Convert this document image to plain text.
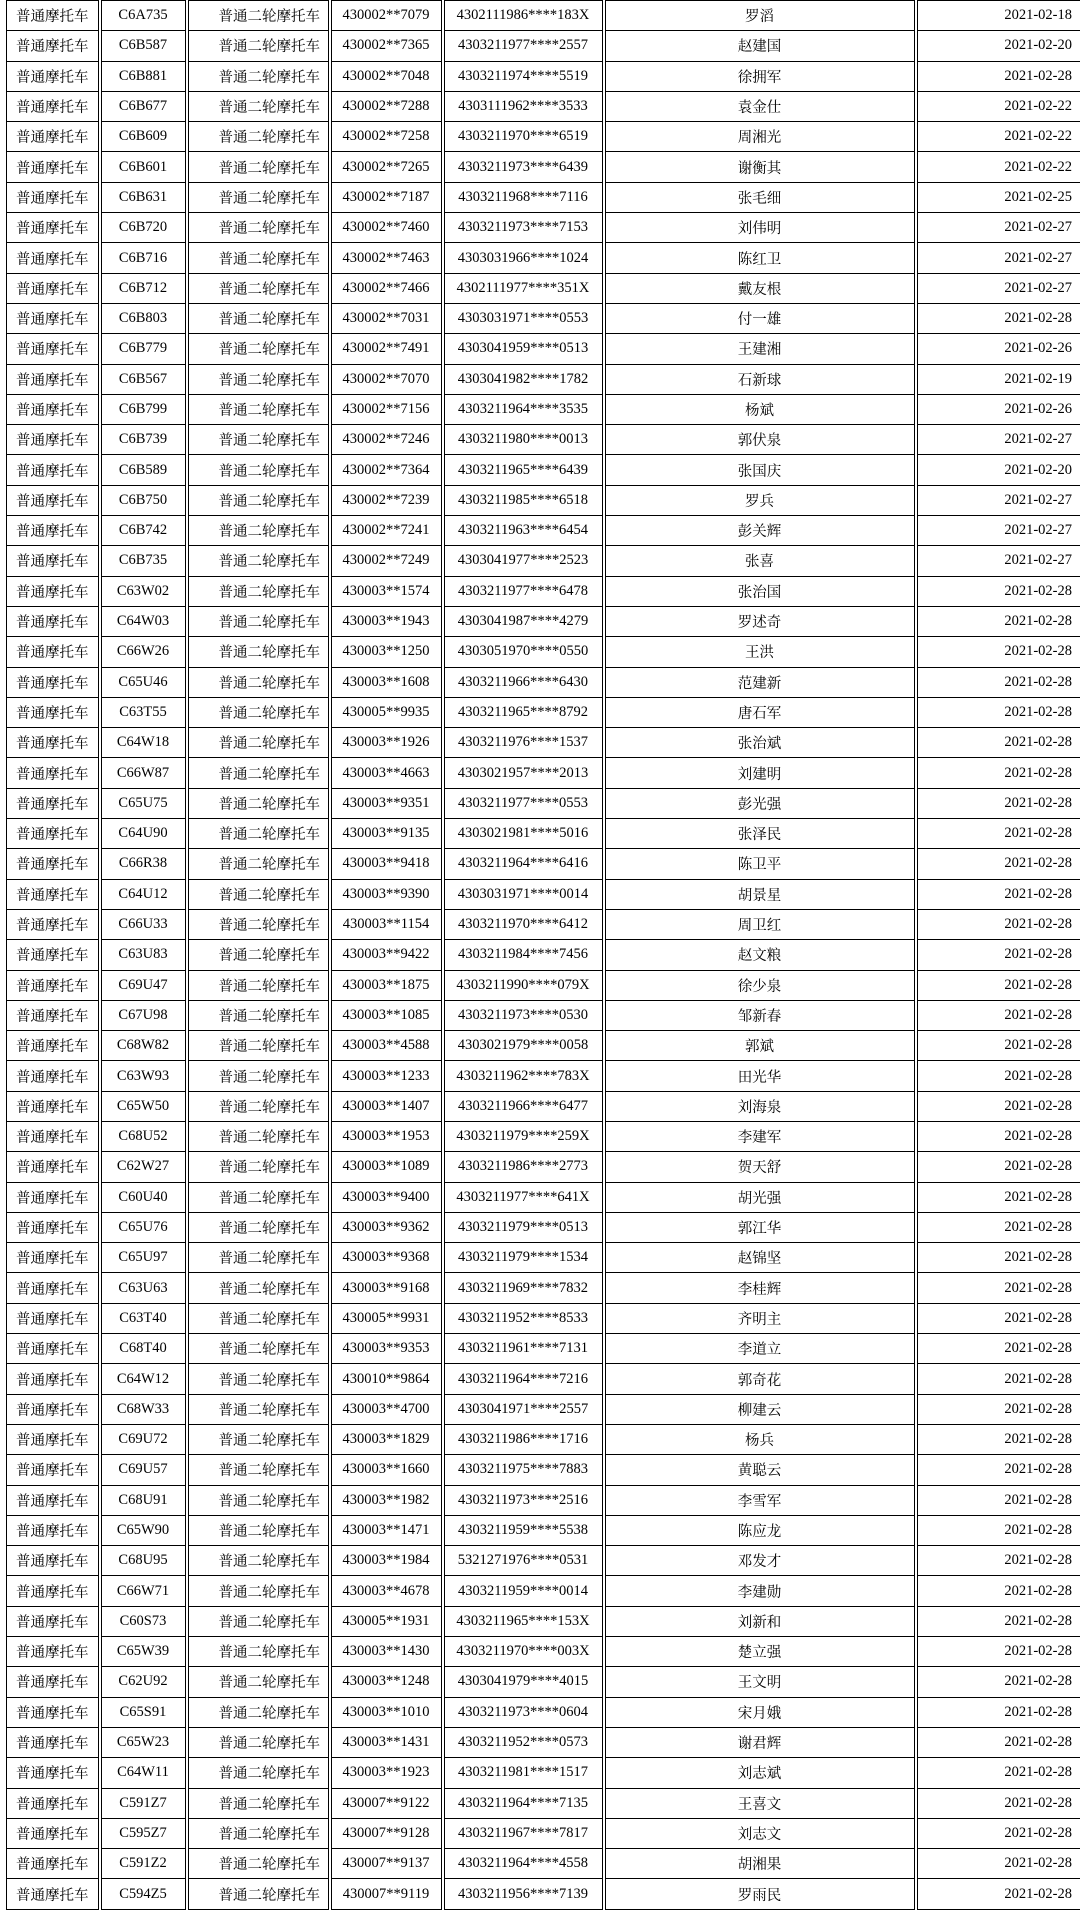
普通摩托车	C6A735	普通二轮摩托车	430002**7079	4302111986****183X	罗滔	2021-02-18
普通摩托车	C6B587	普通二轮摩托车	430002**7365	4303211977****2557	赵建国	2021-02-20
普通摩托车	C6B881	普通二轮摩托车	430002**7048	4303211974****5519	徐拥军	2021-02-28
普通摩托车	C6B677	普通二轮摩托车	430002**7288	4303111962****3533	袁金仕	2021-02-22
普通摩托车	C6B609	普通二轮摩托车	430002**7258	4303211970****6519	周湘光	2021-02-22
普通摩托车	C6B601	普通二轮摩托车	430002**7265	4303211973****6439	谢衡其	2021-02-22
普通摩托车	C6B631	普通二轮摩托车	430002**7187	4303211968****7116	张毛细	2021-02-25
普通摩托车	C6B720	普通二轮摩托车	430002**7460	4303211973****7153	刘伟明	2021-02-27
普通摩托车	C6B716	普通二轮摩托车	430002**7463	4303031966****1024	陈红卫	2021-02-27
普通摩托车	C6B712	普通二轮摩托车	430002**7466	4302111977****351X	戴友根	2021-02-27
普通摩托车	C6B803	普通二轮摩托车	430002**7031	4303031971****0553	付一雄	2021-02-28
普通摩托车	C6B779	普通二轮摩托车	430002**7491	4303041959****0513	王建湘	2021-02-26
普通摩托车	C6B567	普通二轮摩托车	430002**7070	4303041982****1782	石新球	2021-02-19
普通摩托车	C6B799	普通二轮摩托车	430002**7156	4303211964****3535	杨斌	2021-02-26
普通摩托车	C6B739	普通二轮摩托车	430002**7246	4303211980****0013	郭伏泉	2021-02-27
普通摩托车	C6B589	普通二轮摩托车	430002**7364	4303211965****6439	张国庆	2021-02-20
普通摩托车	C6B750	普通二轮摩托车	430002**7239	4303211985****6518	罗兵	2021-02-27
普通摩托车	C6B742	普通二轮摩托车	430002**7241	4303211963****6454	彭关辉	2021-02-27
普通摩托车	C6B735	普通二轮摩托车	430002**7249	4303041977****2523	张喜	2021-02-27
普通摩托车	C63W02	普通二轮摩托车	430003**1574	4303211977****6478	张治国	2021-02-28
普通摩托车	C64W03	普通二轮摩托车	430003**1943	4303041987****4279	罗述奇	2021-02-28
普通摩托车	C66W26	普通二轮摩托车	430003**1250	4303051970****0550	王洪	2021-02-28
普通摩托车	C65U46	普通二轮摩托车	430003**1608	4303211966****6430	范建新	2021-02-28
普通摩托车	C63T55	普通二轮摩托车	430005**9935	4303211965****8792	唐石军	2021-02-28
普通摩托车	C64W18	普通二轮摩托车	430003**1926	4303211976****1537	张治斌	2021-02-28
普通摩托车	C66W87	普通二轮摩托车	430003**4663	4303021957****2013	刘建明	2021-02-28
普通摩托车	C65U75	普通二轮摩托车	430003**9351	4303211977****0553	彭光强	2021-02-28
普通摩托车	C64U90	普通二轮摩托车	430003**9135	4303021981****5016	张泽民	2021-02-28
普通摩托车	C66R38	普通二轮摩托车	430003**9418	4303211964****6416	陈卫平	2021-02-28
普通摩托车	C64U12	普通二轮摩托车	430003**9390	4303031971****0014	胡景星	2021-02-28
普通摩托车	C66U33	普通二轮摩托车	430003**1154	4303211970****6412	周卫红	2021-02-28
普通摩托车	C63U83	普通二轮摩托车	430003**9422	4303211984****7456	赵文粮	2021-02-28
普通摩托车	C69U47	普通二轮摩托车	430003**1875	4303211990****079X	徐少泉	2021-02-28
普通摩托车	C67U98	普通二轮摩托车	430003**1085	4303211973****0530	邹新春	2021-02-28
普通摩托车	C68W82	普通二轮摩托车	430003**4588	4303021979****0058	郭斌	2021-02-28
普通摩托车	C63W93	普通二轮摩托车	430003**1233	4303211962****783X	田光华	2021-02-28
普通摩托车	C65W50	普通二轮摩托车	430003**1407	4303211966****6477	刘海泉	2021-02-28
普通摩托车	C68U52	普通二轮摩托车	430003**1953	4303211979****259X	李建军	2021-02-28
普通摩托车	C62W27	普通二轮摩托车	430003**1089	4303211986****2773	贺天舒	2021-02-28
普通摩托车	C60U40	普通二轮摩托车	430003**9400	4303211977****641X	胡光强	2021-02-28
普通摩托车	C65U76	普通二轮摩托车	430003**9362	4303211979****0513	郭江华	2021-02-28
普通摩托车	C65U97	普通二轮摩托车	430003**9368	4303211979****1534	赵锦坚	2021-02-28
普通摩托车	C63U63	普通二轮摩托车	430003**9168	4303211969****7832	李桂辉	2021-02-28
普通摩托车	C63T40	普通二轮摩托车	430005**9931	4303211952****8533	齐明主	2021-02-28
普通摩托车	C68T40	普通二轮摩托车	430003**9353	4303211961****7131	李道立	2021-02-28
普通摩托车	C64W12	普通二轮摩托车	430010**9864	4303211964****7216	郭奇花	2021-02-28
普通摩托车	C68W33	普通二轮摩托车	430003**4700	4303041971****2557	柳建云	2021-02-28
普通摩托车	C69U72	普通二轮摩托车	430003**1829	4303211986****1716	杨兵	2021-02-28
普通摩托车	C69U57	普通二轮摩托车	430003**1660	4303211975****7883	黄聪云	2021-02-28
普通摩托车	C68U91	普通二轮摩托车	430003**1982	4303211973****2516	李雪军	2021-02-28
普通摩托车	C65W90	普通二轮摩托车	430003**1471	4303211959****5538	陈应龙	2021-02-28
普通摩托车	C68U95	普通二轮摩托车	430003**1984	5321271976****0531	邓发才	2021-02-28
普通摩托车	C66W71	普通二轮摩托车	430003**4678	4303211959****0014	李建勋	2021-02-28
普通摩托车	C60S73	普通二轮摩托车	430005**1931	4303211965****153X	刘新和	2021-02-28
普通摩托车	C65W39	普通二轮摩托车	430003**1430	4303211970****003X	楚立强	2021-02-28
普通摩托车	C62U92	普通二轮摩托车	430003**1248	4303041979****4015	王文明	2021-02-28
普通摩托车	C65S91	普通二轮摩托车	430003**1010	4303211973****0604	宋月娥	2021-02-28
普通摩托车	C65W23	普通二轮摩托车	430003**1431	4303211952****0573	谢君辉	2021-02-28
普通摩托车	C64W11	普通二轮摩托车	430003**1923	4303211981****1517	刘志斌	2021-02-28
普通摩托车	C591Z7	普通二轮摩托车	430007**9122	4303211964****7135	王喜文	2021-02-28
普通摩托车	C595Z7	普通二轮摩托车	430007**9128	4303211967****7817	刘志文	2021-02-28
普通摩托车	C591Z2	普通二轮摩托车	430007**9137	4303211964****4558	胡湘果	2021-02-28
普通摩托车	C594Z5	普通二轮摩托车	430007**9119	4303211956****7139	罗雨民	2021-02-28
